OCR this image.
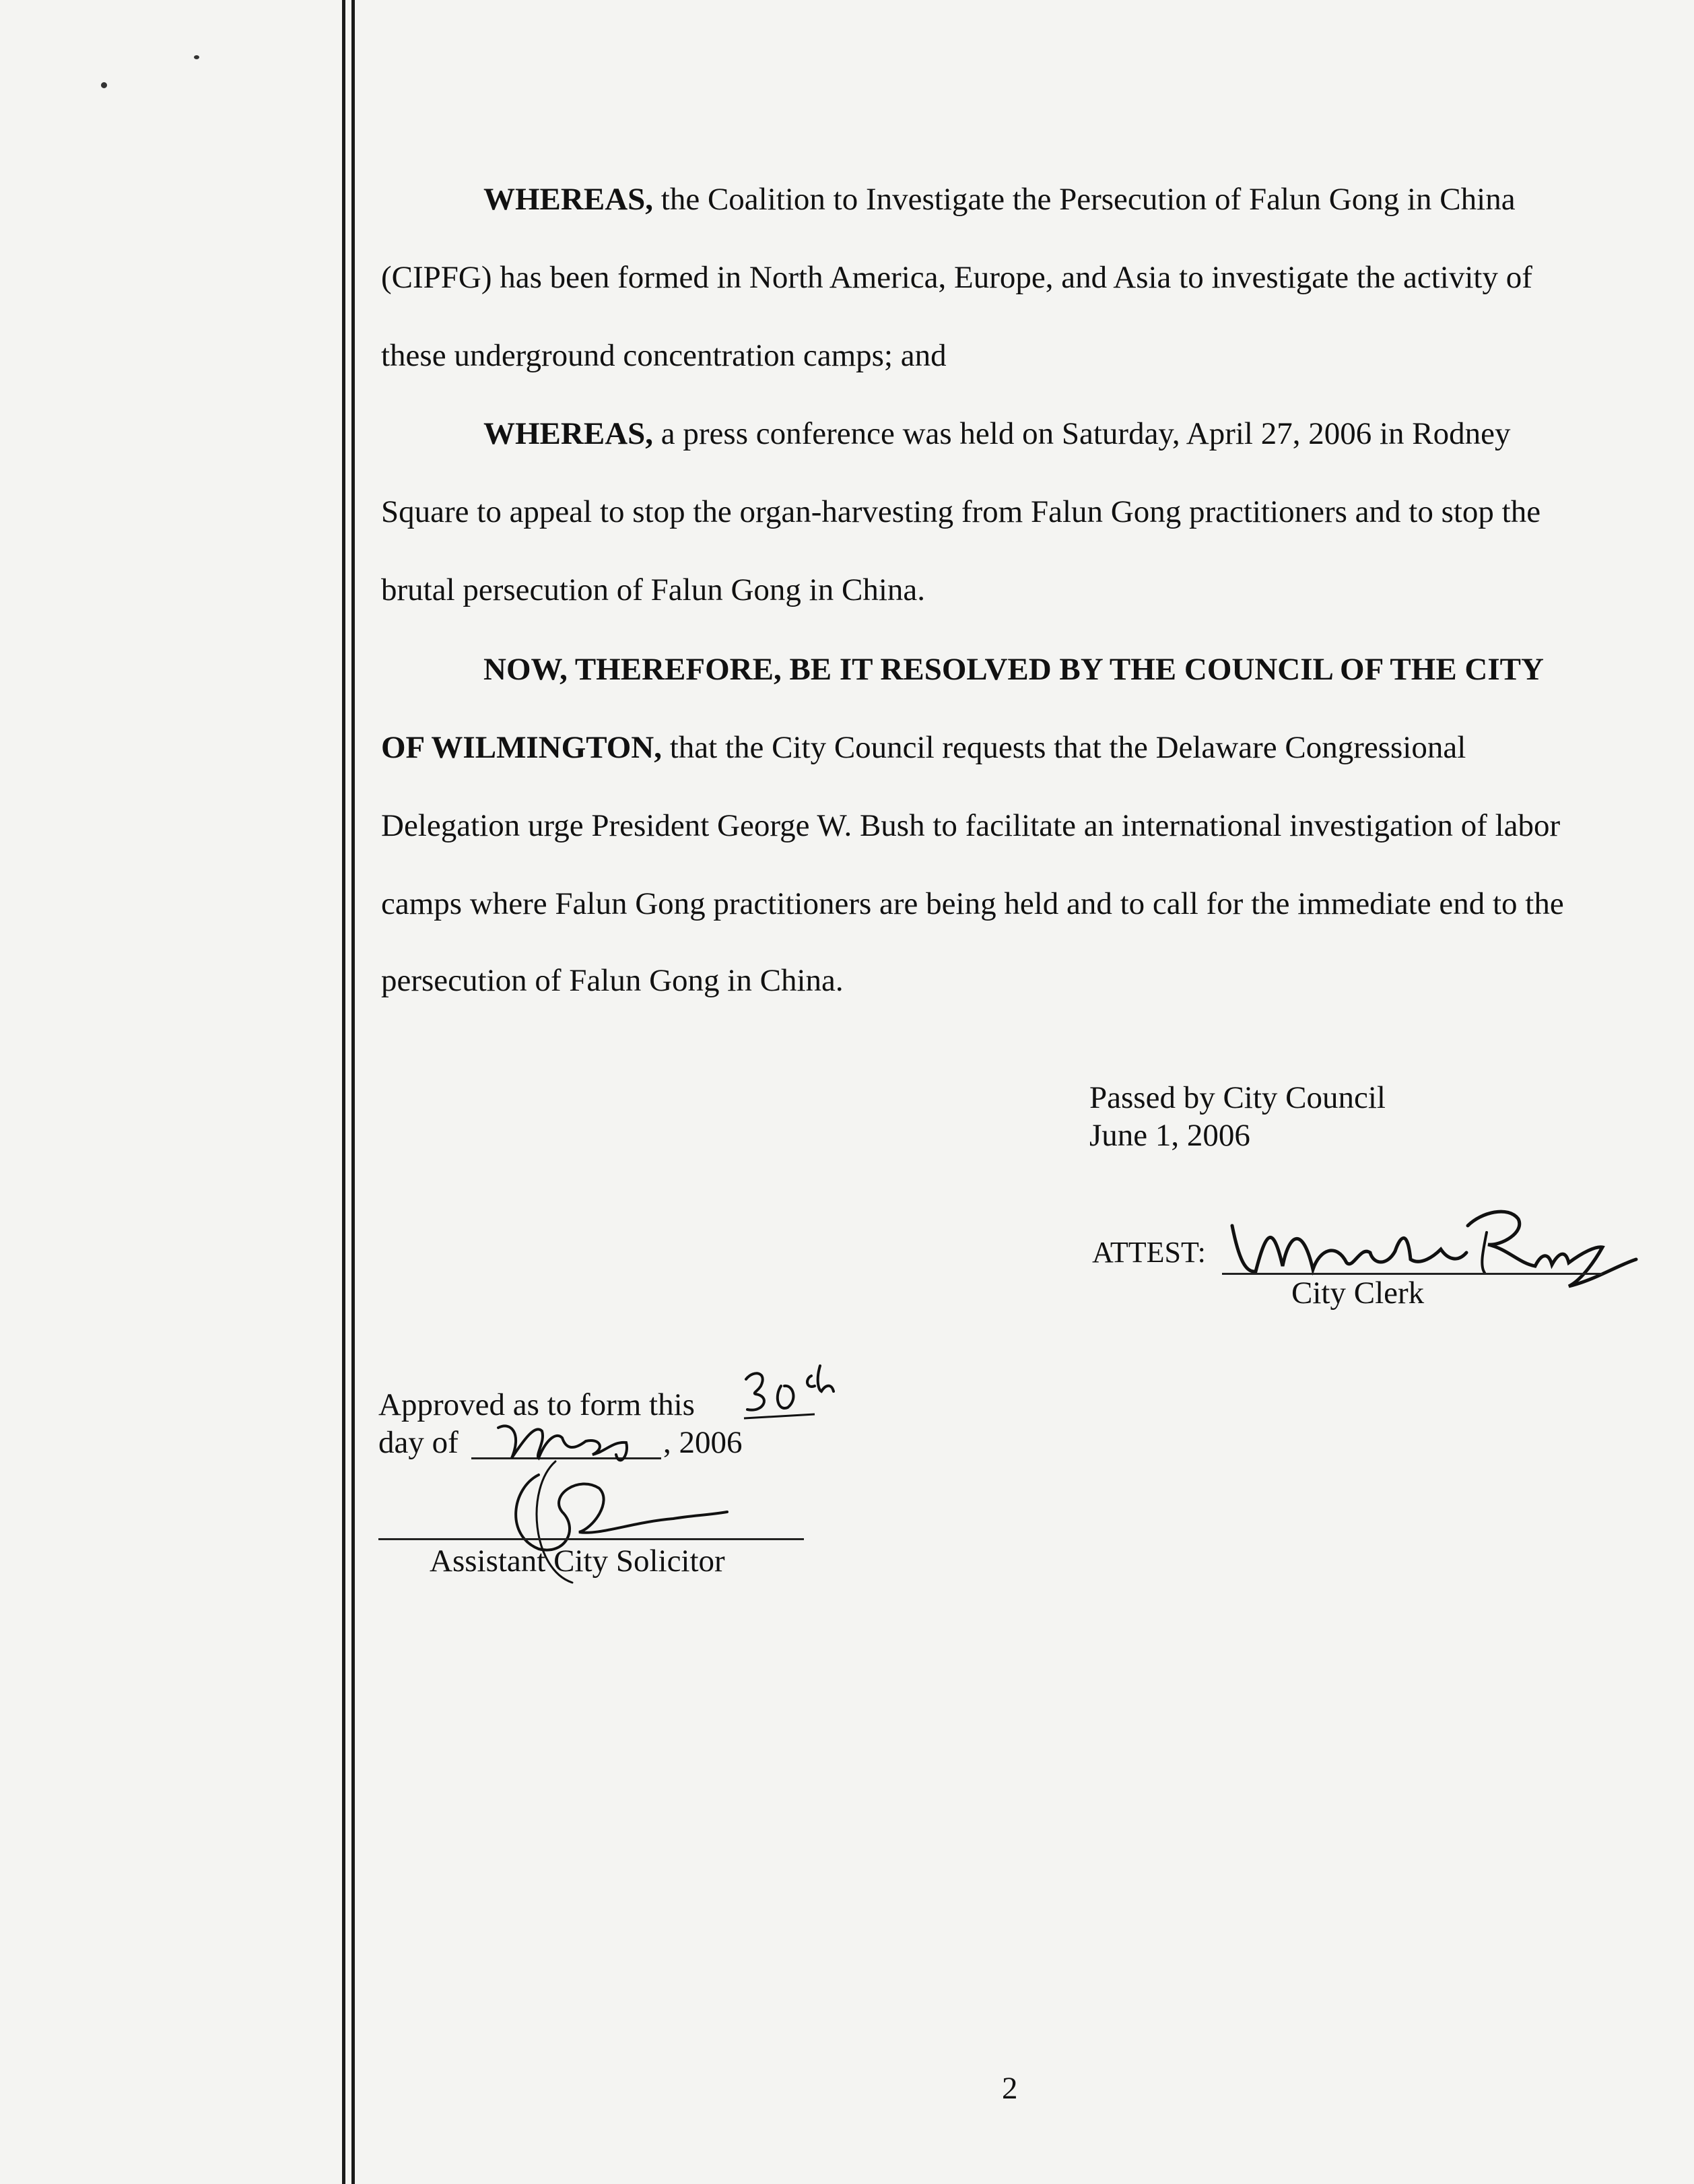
WHEREAS, the Coalition to Investigate the Persecution of Falun Gong in China
(CIPFG) has been formed in North America, Europe, and Asia to investigate the activity of
these underground concentration camps; and
WHEREAS, a press conference was held on Saturday, April 27, 2006 in Rodney
Square to appeal to stop the organ-harvesting from Falun Gong practitioners and to stop the
brutal persecution of Falun Gong in China.
NOW, THEREFORE, BE IT RESOLVED BY THE COUNCIL OF THE CITY
OF WILMINGTON, that the City Council requests that the Delaware Congressional
Delegation urge President George W. Bush to facilitate an international investigation of labor
camps where Falun Gong practitioners are being held and to call for the immediate end to the
persecution of Falun Gong in China.
Passed by City Council
June 1, 2006
ATTEST:
City Clerk
Approved as to form this
day of	, 2006
Assistant City Solicitor
2
